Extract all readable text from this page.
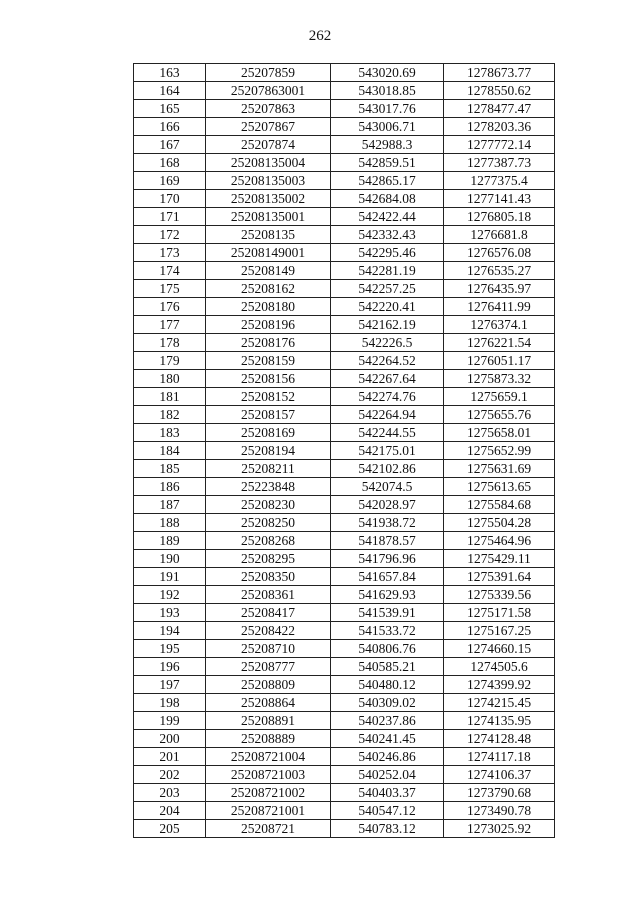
262
163	25207859	543020.69	1278673.77
164	25207863001	543018.85	1278550.62
165	25207863	543017.76	1278477.47
166	25207867	543006.71	1278203.36
167	25207874	542988.3	1277772.14
168	25208135004	542859.51	1277387.73
169	25208135003	542865.17	1277375.4
170	25208135002	542684.08	1277141.43
171	25208135001	542422.44	1276805.18
172	25208135	542332.43	1276681.8
173	25208149001	542295.46	1276576.08
174	25208149	542281.19	1276535.27
175	25208162	542257.25	1276435.97
176	25208180	542220.41	1276411.99
177	25208196	542162.19	1276374.1
178	25208176	542226.5	1276221.54
179	25208159	542264.52	1276051.17
180	25208156	542267.64	1275873.32
181	25208152	542274.76	1275659.1
182	25208157	542264.94	1275655.76
183	25208169	542244.55	1275658.01
184	25208194	542175.01	1275652.99
185	25208211	542102.86	1275631.69
186	25223848	542074.5	1275613.65
187	25208230	542028.97	1275584.68
188	25208250	541938.72	1275504.28
189	25208268	541878.57	1275464.96
190	25208295	541796.96	1275429.11
191	25208350	541657.84	1275391.64
192	25208361	541629.93	1275339.56
193	25208417	541539.91	1275171.58
194	25208422	541533.72	1275167.25
195	25208710	540806.76	1274660.15
196	25208777	540585.21	1274505.6
197	25208809	540480.12	1274399.92
198	25208864	540309.02	1274215.45
199	25208891	540237.86	1274135.95
200	25208889	540241.45	1274128.48
201	25208721004	540246.86	1274117.18
202	25208721003	540252.04	1274106.37
203	25208721002	540403.37	1273790.68
204	25208721001	540547.12	1273490.78
205	25208721	540783.12	1273025.92
